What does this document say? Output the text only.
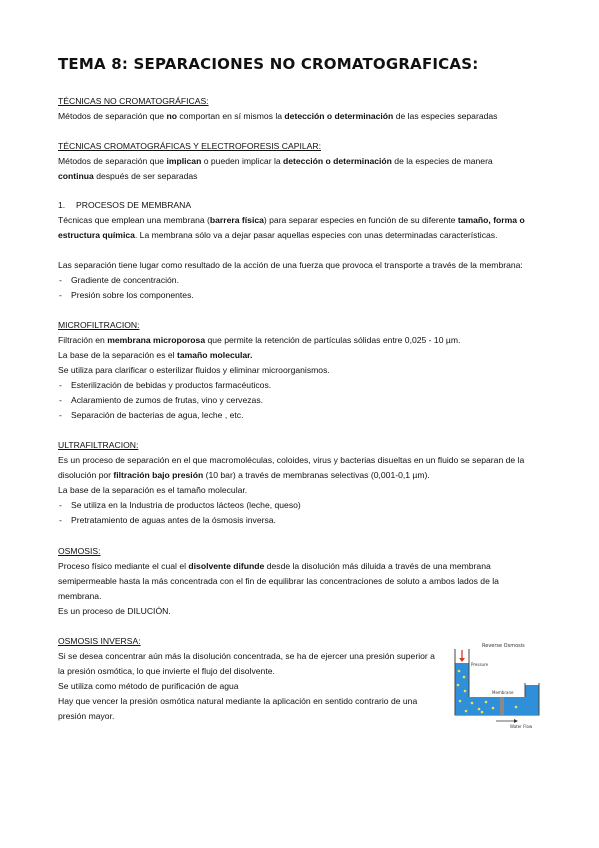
TEMA 8: SEPARACIONES NO CROMATOGRAFICAS:

TÉCNICAS NO CROMATOGRÁFICAS:

Métodos de separación que no comportan en sí mismos la detección o determinación de las especies separadas

TÉCNICAS CROMATOGRÁFICAS Y ELECTROFORESIS CAPILAR:

Métodos de separación que implican o pueden implicar la detección o determinación de la especies de manera

continua después de ser separadas

1. PROCESOS DE MEMBRANA

Técnicas que emplean una membrana (barrera física) para separar especies en función de su diferente tamaño, forma o

estructura química. La membrana sólo va a dejar pasar aquellas especies con unas determinadas características.

Las separación tiene lugar como resultado de la acción de una fuerza que provoca el transporte a través de la membrana:

- Gradiente de concentración.
- Presión sobre los componentes.

MICROFILTRACION:

Filtración en membrana microporosa que permite la retención de partículas sólidas entre 0,025 - 10 µm.

La base de la separación es el tamaño molecular.

Se utiliza para clarificar o esterilizar fluidos y eliminar microorganismos.

- Esterilización de bebidas y productos farmacéuticos.
- Aclaramiento de zumos de frutas, vino y cervezas.
- Separación de bacterias de agua, leche , etc.

ULTRAFILTRACION:

Es un proceso de separación en el que macromoléculas, coloides, virus y bacterias disueltas en un fluido se separan de la

disolución por filtración bajo presión (10 bar) a través de membranas selectivas (0,001-0,1 µm).

La base de la separación es el tamaño molecular.

- Se utiliza en la Industria de productos lácteos (leche, queso)
- Pretratamiento de aguas antes de la ósmosis inversa.

OSMOSIS:

Proceso físico mediante el cual el disolvente difunde desde la disolución más diluida a través de una membrana

semipermeable hasta la más concentrada con el fin de equilibrar las concentraciones de soluto a ambos lados de la

membrana.

Es un proceso de DILUCIÓN.

OSMOSIS INVERSA:

Si se desea concentrar aún más la disolución concentrada, se ha de ejercer una presión superior a

la presión osmótica, lo que invierte el flujo del disolvente.

Se utiliza como método de purificación de agua

Hay que vencer la presión osmótica natural mediante la aplicación en sentido contrario de una

presión mayor.

Reverse Osmosis
Membrane
Pressure
Water Flow
